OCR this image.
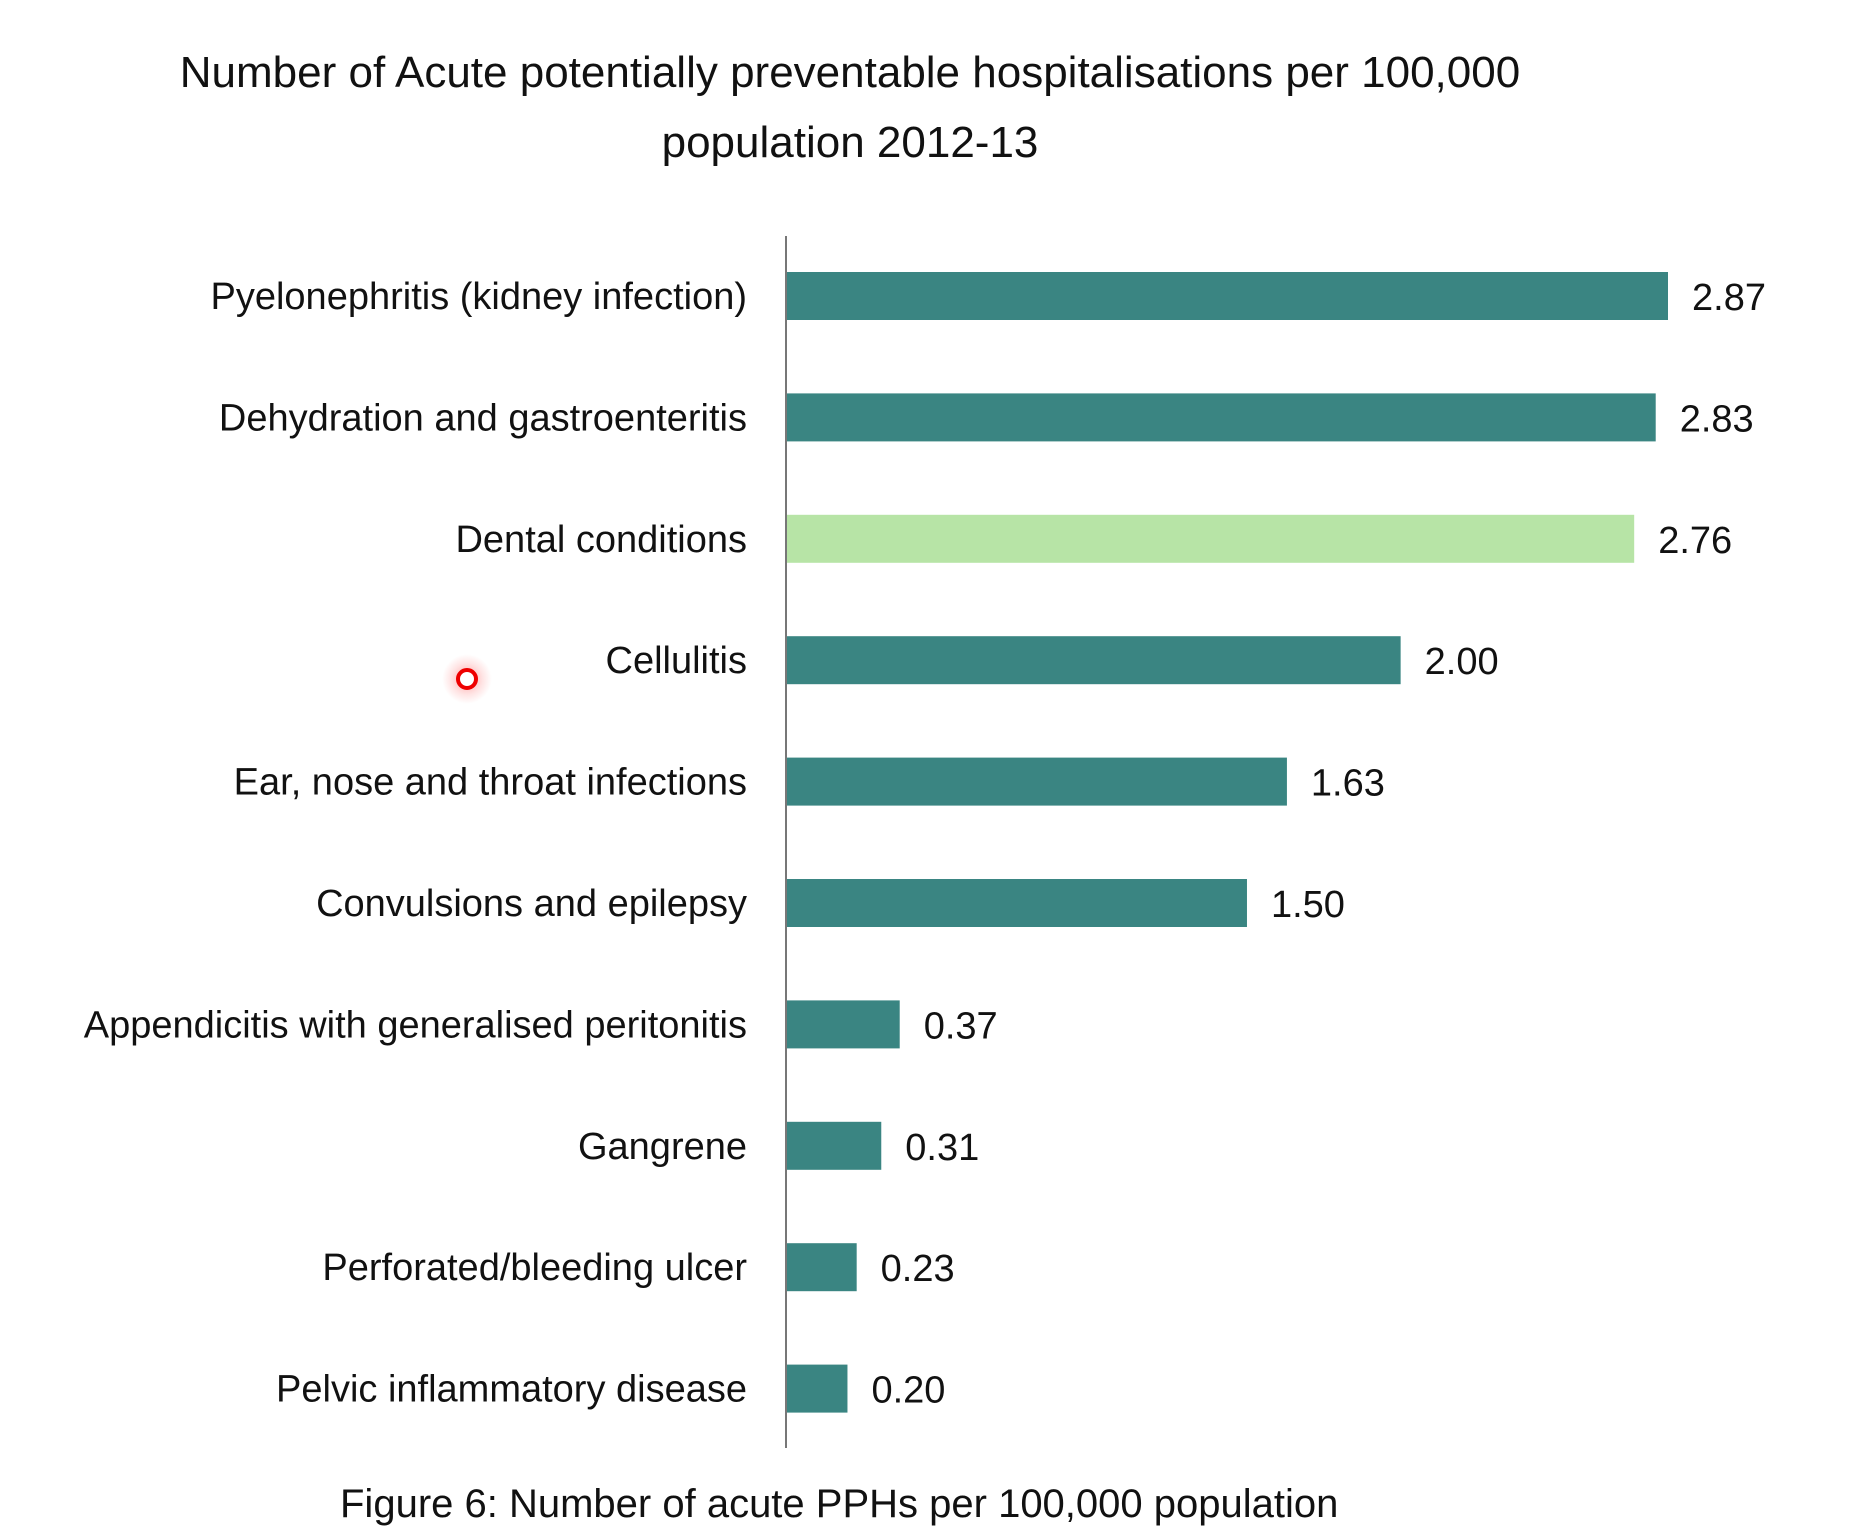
Number of Acute potentially preventable hospitalisations per 100,000
population 2012-13
Pyelonephritis (kidney infection)
Dehydration and gastroenteritis
Dental conditions
Cellulitis
Ear, nose and throat infections
Convulsions and epilepsy
Appendicitis with generalised peritonitis
Gangrene
Perforated/bleeding ulcer
Pelvic inflammatory disease
2.87
2.83
2.76
2.00
1.63
1.50
0.37
0.31
0.23
0.20
Figure 6: Number of acute PPHs per 100,000 population
